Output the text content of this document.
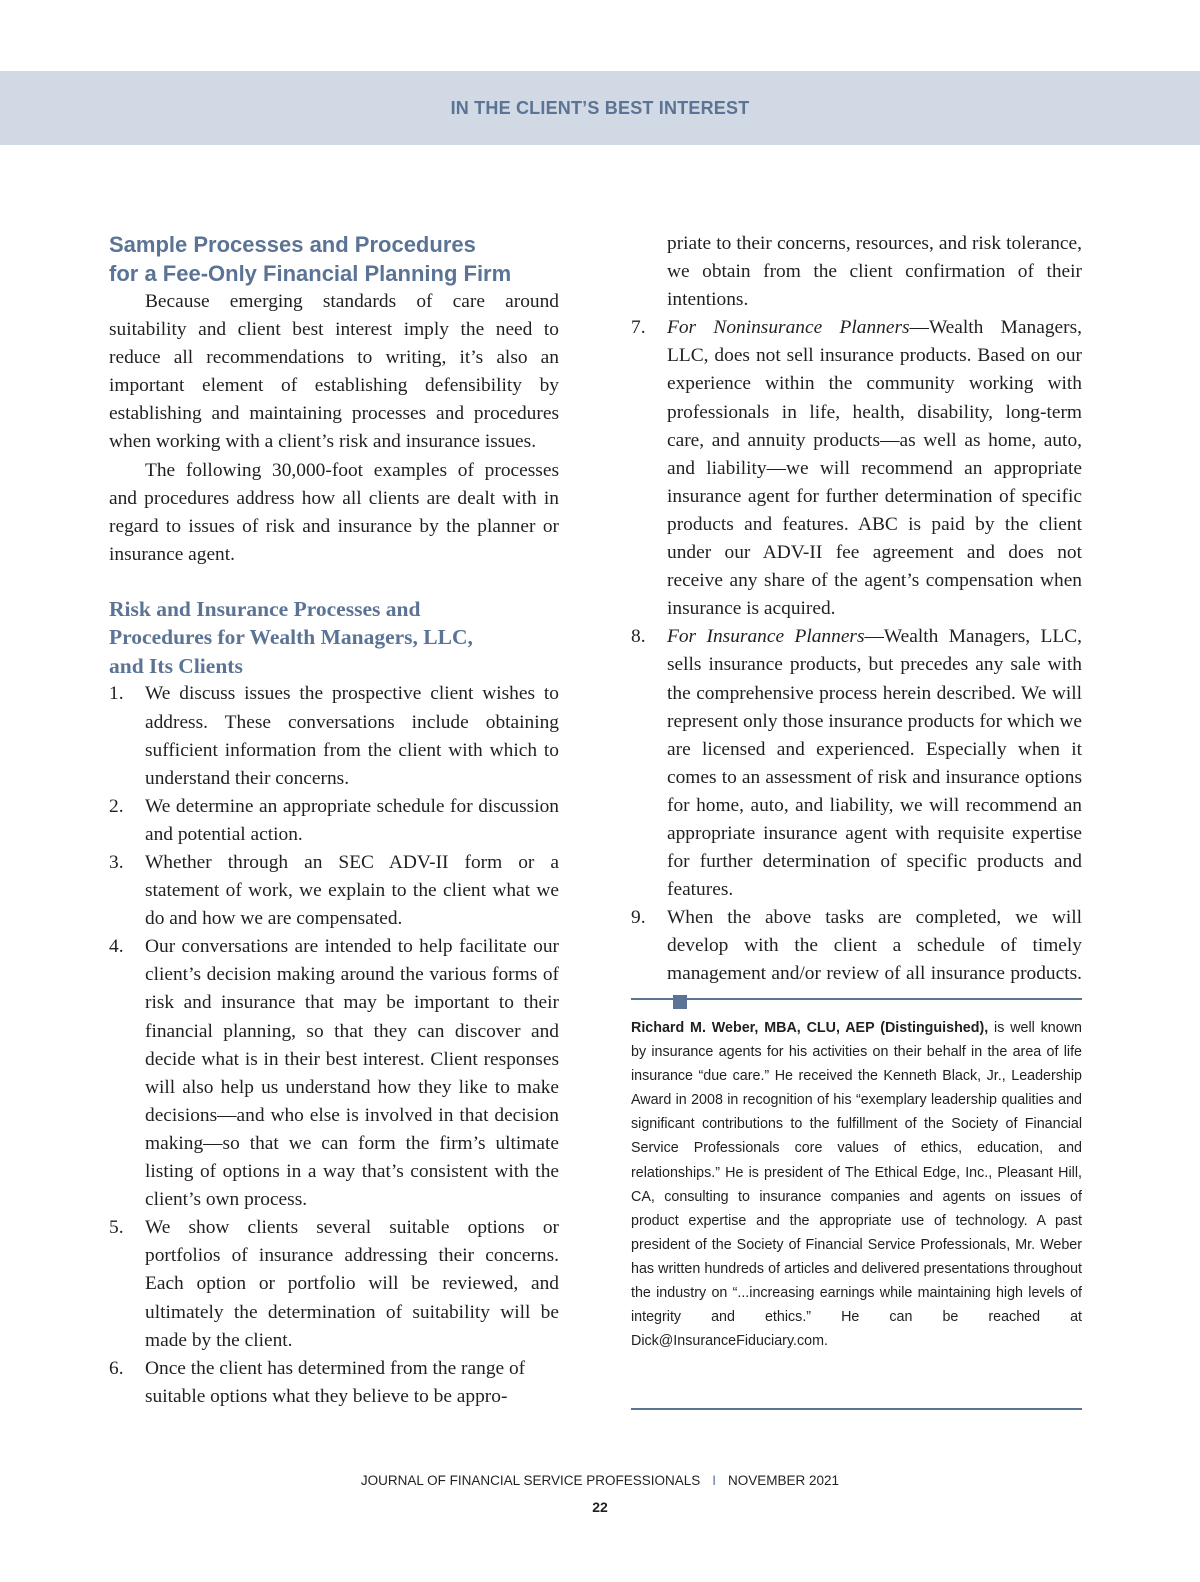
IN THE CLIENT’S BEST INTEREST
Sample Processes and Procedures
for a Fee-Only Financial Planning Firm

Because emerging standards of care around suitability and client best interest imply the need to reduce all recommendations to writing, it’s also an important element of establishing defensibility by establishing and maintaining processes and procedures when working with a client’s risk and insurance issues.

The following 30,000-foot examples of processes and procedures address how all clients are dealt with in regard to issues of risk and insurance by the planner or insurance agent.

Risk and Insurance Processes and
Procedures for Wealth Managers, LLC,
and Its Clients
1. We discuss issues the prospective client wishes to address. These conversations include obtaining sufficient information from the client with which to understand their concerns.
2. We determine an appropriate schedule for discussion and potential action.
3. Whether through an SEC ADV-II form or a statement of work, we explain to the client what we do and how we are compensated.
4. Our conversations are intended to help facilitate our client’s decision making around the various forms of risk and insurance that may be important to their financial planning, so that they can discover and decide what is in their best interest. Client responses will also help us understand how they like to make decisions—and who else is involved in that decision making—so that we can form the firm’s ultimate listing of options in a way that’s consistent with the client’s own process.
5. We show clients several suitable options or portfolios of insurance addressing their concerns. Each option or portfolio will be reviewed, and ultimately the determination of suitability will be made by the client.
6. Once the client has determined from the range of suitable options what they believe to be appro-

priate to their concerns, resources, and risk tolerance, we obtain from the client confirmation of their intentions.

7. For Noninsurance Planners—Wealth Managers, LLC, does not sell insurance products. Based on our experience within the community working with professionals in life, health, disability, long-term care, and annuity products—as well as home, auto, and liability—we will recommend an appropriate insurance agent for further determination of specific products and features. ABC is paid by the client under our ADV-II fee agreement and does not receive any share of the agent’s compensation when insurance is acquired.
8. For Insurance Planners—Wealth Managers, LLC, sells insurance products, but precedes any sale with the comprehensive process herein described. We will represent only those insurance products for which we are licensed and experienced. Especially when it comes to an assessment of risk and insurance options for home, auto, and liability, we will recommend an appropriate insurance agent with requisite expertise for further determination of specific products and features.
9. When the above tasks are completed, we will develop with the client a schedule of timely management and/or review of all insurance products.
Richard M. Weber, MBA, CLU, AEP (Distinguished), is well known by insurance agents for his activities on their behalf in the area of life insurance “due care.” He received the Kenneth Black, Jr., Leadership Award in 2008 in recognition of his “exemplary leadership qualities and significant contributions to the fulfillment of the Society of Financial Service Professionals core values of ethics, education, and relationships.” He is president of The Ethical Edge, Inc., Pleasant Hill, CA, consulting to insurance companies and agents on issues of product expertise and the appropriate use of technology. A past president of the Society of Financial Service Professionals, Mr. Weber has written hundreds of articles and delivered presentations throughout the industry on “...increasing earnings while maintaining high levels of integrity and ethics.” He can be reached at Dick@InsuranceFiduciary.com.
JOURNAL OF FINANCIAL SERVICE PROFESSIONALS I NOVEMBER 2021
22
